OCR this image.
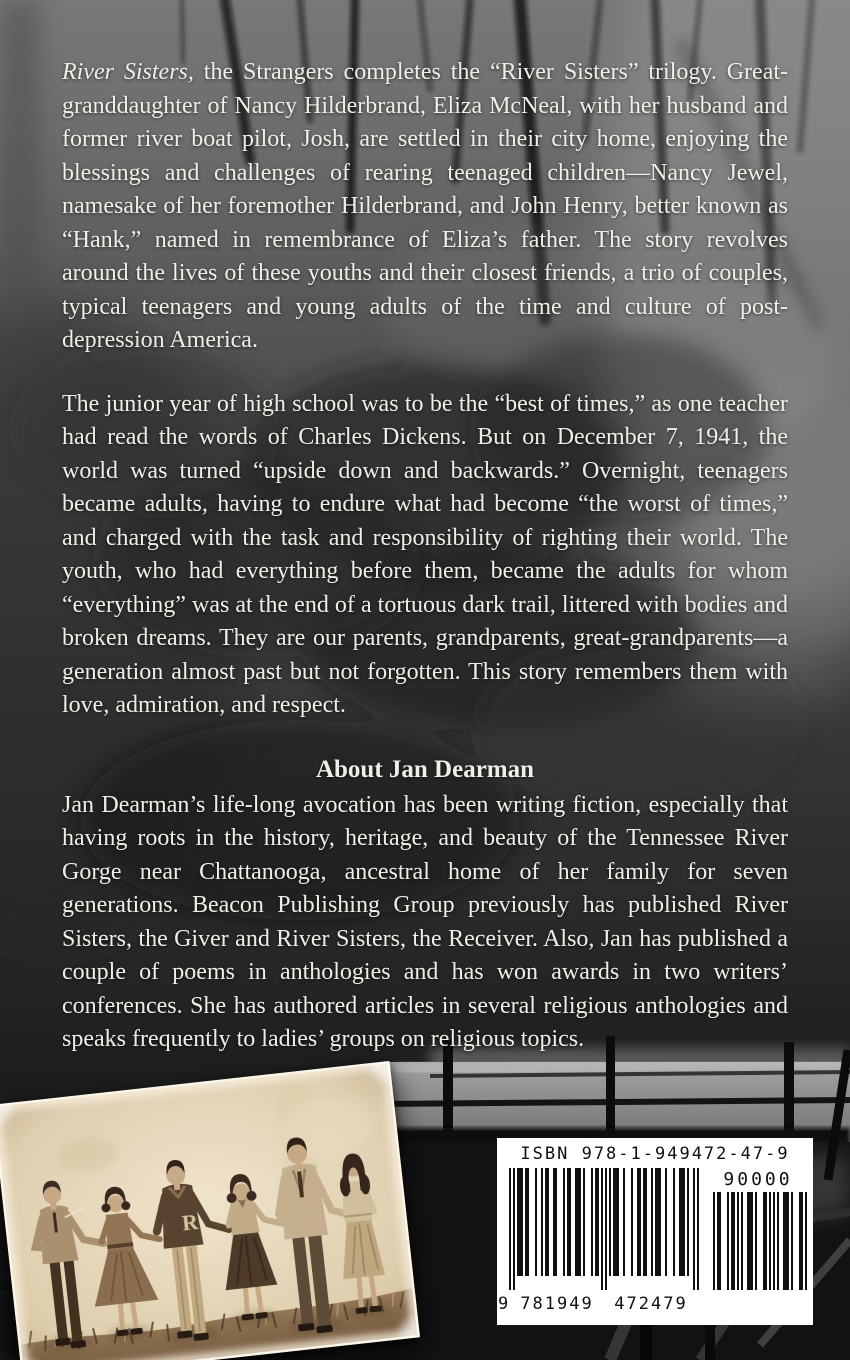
River Sisters, the Strangers completes the “River Sisters” trilogy. Great-granddaughter of Nancy Hilderbrand, Eliza McNeal, with her husband and former river boat pilot, Josh, are settled in their city home, enjoying the blessings and challenges of rearing teenaged children—Nancy Jewel, namesake of her foremother Hilderbrand, and John Henry, better known as “Hank,” named in remembrance of Eliza’s father. The story revolves around the lives of these youths and their closest friends, a trio of couples, typical teenagers and young adults of the time and culture of post-depression America.

The junior year of high school was to be the “best of times,” as one teacher had read the words of Charles Dickens. But on December 7, 1941, the world was turned “upside down and backwards.” Overnight, teenagers became adults, having to endure what had become “the worst of times,” and charged with the task and responsibility of righting their world. The youth, who had everything before them, became the adults for whom “everything” was at the end of a tortuous dark trail, littered with bodies and broken dreams. They are our parents, grandparents, great-grandparents—a generation almost past but not forgotten. This story remembers them with love, admiration, and respect.

About Jan Dearman

Jan Dearman’s life-long avocation has been writing fiction, especially that having roots in the history, heritage, and beauty of the Tennessee River Gorge near Chattanooga, ancestral home of her family for seven generations. Beacon Publishing Group previously has published River Sisters, the Giver and River Sisters, the Receiver. Also, Jan has published a couple of poems in anthologies and has won awards in two writers’ conferences. She has authored articles in several religious anthologies and speaks frequently to ladies’ groups on religious topics.

ISBN 978-1-949472-47-9
9 781949 472479
90000
